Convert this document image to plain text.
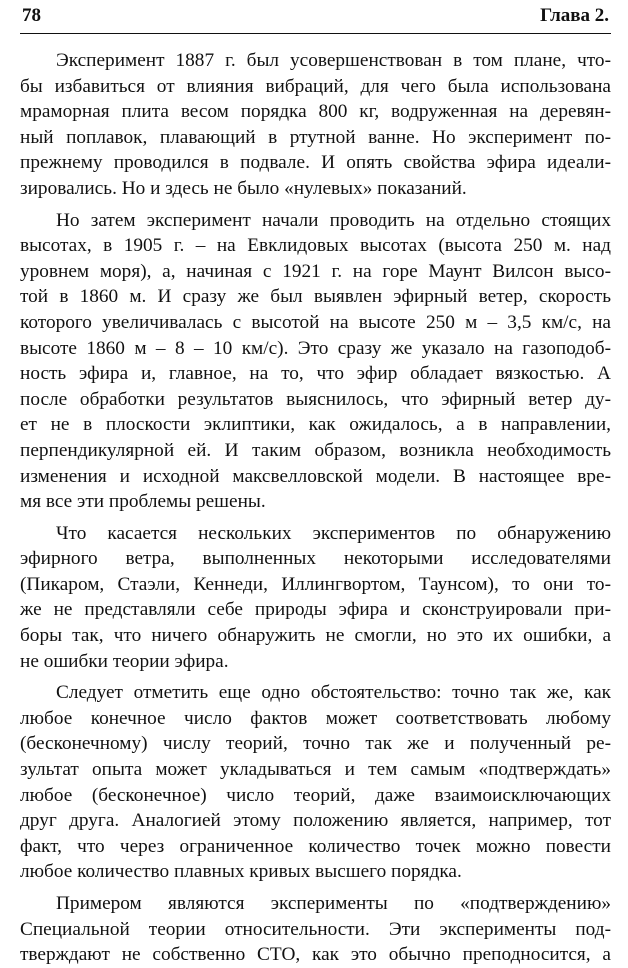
78	Глава 2.
Эксперимент 1887 г. был усовершенствован в том плане, что-
бы избавиться от влияния вибраций, для чего была использована
мраморная плита весом порядка 800 кг, водруженная на деревян-
ный поплавок, плавающий в ртутной ванне. Но эксперимент по-
прежнему проводился в подвале. И опять свойства эфира идеали-
зировались. Но и здесь не было «нулевых» показаний.
Но затем эксперимент начали проводить на отдельно стоящих
высотах, в 1905 г. – на Евклидовых высотах (высота 250 м. над
уровнем моря), а, начиная с 1921 г. на горе Маунт Вилсон высо-
той в 1860 м. И сразу же был выявлен эфирный ветер, скорость
которого увеличивалась с высотой на высоте 250 м – 3,5 км/с, на
высоте 1860 м – 8 – 10 км/с). Это сразу же указало на газоподоб-
ность эфира и, главное, на то, что эфир обладает вязкостью. А
после обработки результатов выяснилось, что эфирный ветер ду-
ет не в плоскости эклиптики, как ожидалось, а в направлении,
перпендикулярной ей. И таким образом, возникла необходимость
изменения и исходной максвелловской модели. В настоящее вре-
мя все эти проблемы решены.
Что касается нескольких экспериментов по обнаружению
эфирного ветра, выполненных некоторыми исследователями
(Пикаром, Стаэли, Кеннеди, Иллингвортом, Таунсом), то они то-
же не представляли себе природы эфира и сконструировали при-
боры так, что ничего обнаружить не смогли, но это их ошибки, а
не ошибки теории эфира.
Следует отметить еще одно обстоятельство: точно так же, как
любое конечное число фактов может соответствовать любому
(бесконечному) числу теорий, точно так же и полученный ре-
зультат опыта может укладываться и тем самым «подтверждать»
любое (бесконечное) число теорий, даже взаимоисключающих
друг друга. Аналогией этому положению является, например, тот
факт, что через ограниченное количество точек можно повести
любое количество плавных кривых высшего порядка.
Примером являются эксперименты по «подтверждению»
Специальной теории относительности. Эти эксперименты под-
тверждают не собственно СТО, как это обычно преподносится, а
